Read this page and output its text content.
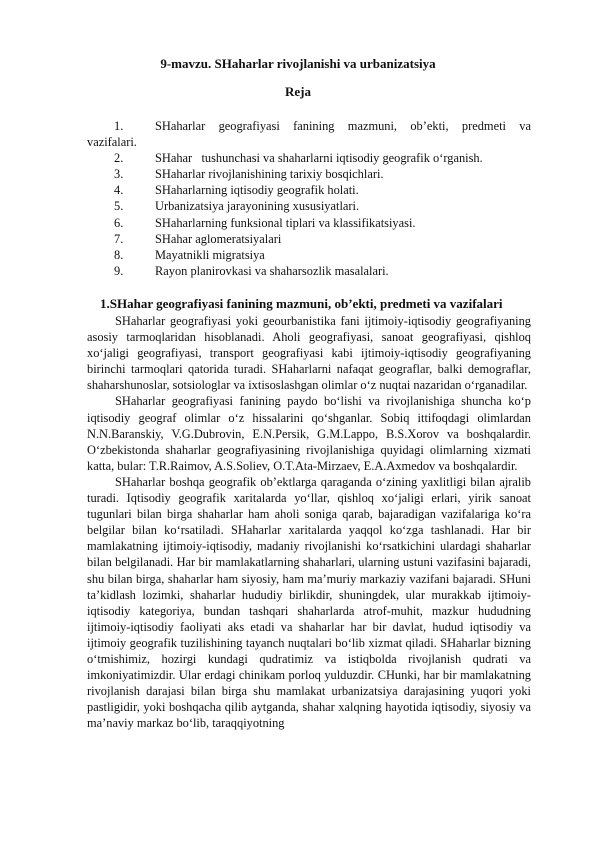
9-mavzu. SHaharlar rivojlanishi va urbanizatsiya
Reja
1.	SHaharlar geografiyasi fanining mazmuni, ob’ekti, predmeti va
vazifalari.
2.	SHahar   tushunchasi va shaharlarni iqtisodiy geografik o‘rganish.
3.	SHaharlar rivojlanishining tarixiy bosqichlari.
4.	SHaharlarning iqtisodiy geografik holati.
5.	Urbanizatsiya jarayonining xususiyatlari.
6.	SHaharlarning funksional tiplari va klassifikatsiyasi.
7.	SHahar aglomeratsiyalari
8.	Mayatnikli migratsiya
9.	Rayon planirovkasi va shaharsozlik masalalari.
1.SHahar geografiyasi fanining mazmuni, ob’ekti, predmeti va vazifalari

SHaharlar geografiyasi yoki geourbanistika fani ijtimoiy-iqtisodiy geografiyaning asosiy tarmoqlaridan hisoblanadi. Aholi geografiyasi, sanoat geografiyasi, qishloq xo‘jaligi geografiyasi, transport geografiyasi kabi ijtimoiy-iqtisodiy geografiyaning birinchi tarmoqlari qatorida turadi. SHaharlarni nafaqat geograflar, balki demograflar, shaharshunoslar, sotsiologlar va ixtisoslashgan olimlar o‘z nuqtai nazaridan o‘rganadilar.

SHaharlar geografiyasi fanining paydo bo‘lishi va rivojlanishiga shuncha ko‘p iqtisodiy geograf olimlar o‘z hissalarini qo‘shganlar. Sobiq ittifoqdagi olimlardan N.N.Baranskiy, V.G.Dubrovin, E.N.Persik, G.M.Lappo, B.S.Xorov va boshqalardir. O‘zbekistonda shaharlar geografiyasining rivojlanishiga quyidagi olimlarning xizmati katta, bular: T.R.Raimov, A.S.Soliev, O.T.Ata-Mirzaev, E.A.Axmedov va boshqalardir.

SHaharlar boshqa geografik ob’ektlarga qaraganda o‘zining yaxlitligi bilan ajralib turadi. Iqtisodiy geografik xaritalarda yo‘llar, qishloq xo‘jaligi erlari, yirik sanoat tugunlari bilan birga shaharlar ham aholi soniga qarab, bajaradigan vazifalariga ko‘ra belgilar bilan ko‘rsatiladi. SHaharlar xaritalarda yaqqol ko‘zga tashlanadi. Har bir mamlakatning ijtimoiy-iqtisodiy, madaniy rivojlanishi ko‘rsatkichini ulardagi shaharlar bilan belgilanadi. Har bir mamlakatlarning shaharlari, ularning ustuni vazifasini bajaradi, shu bilan birga, shaharlar ham siyosiy, ham ma’muriy markaziy vazifani bajaradi. SHuni ta’kidlash lozimki, shaharlar hududiy birlikdir, shuningdek, ular murakkab ijtimoiy-iqtisodiy kategoriya, bundan tashqari shaharlarda atrof-muhit, mazkur hududning ijtimoiy-iqtisodiy faoliyati aks etadi va shaharlar har bir davlat, hudud iqtisodiy va ijtimoiy geografik tuzilishining tayanch nuqtalari bo‘lib xizmat qiladi. SHaharlar bizning o‘tmishimiz, hozirgi kundagi qudratimiz va istiqbolda rivojlanish qudrati va imkoniyatimizdir. Ular erdagi chinikam porloq yulduzdir. CHunki, har bir mamlakatning rivojlanish darajasi bilan birga shu mamlakat urbanizatsiya darajasining yuqori yoki pastligidir, yoki boshqacha qilib aytganda, shahar xalqning hayotida iqtisodiy, siyosiy va ma’naviy markaz bo‘lib, taraqqiyotning
